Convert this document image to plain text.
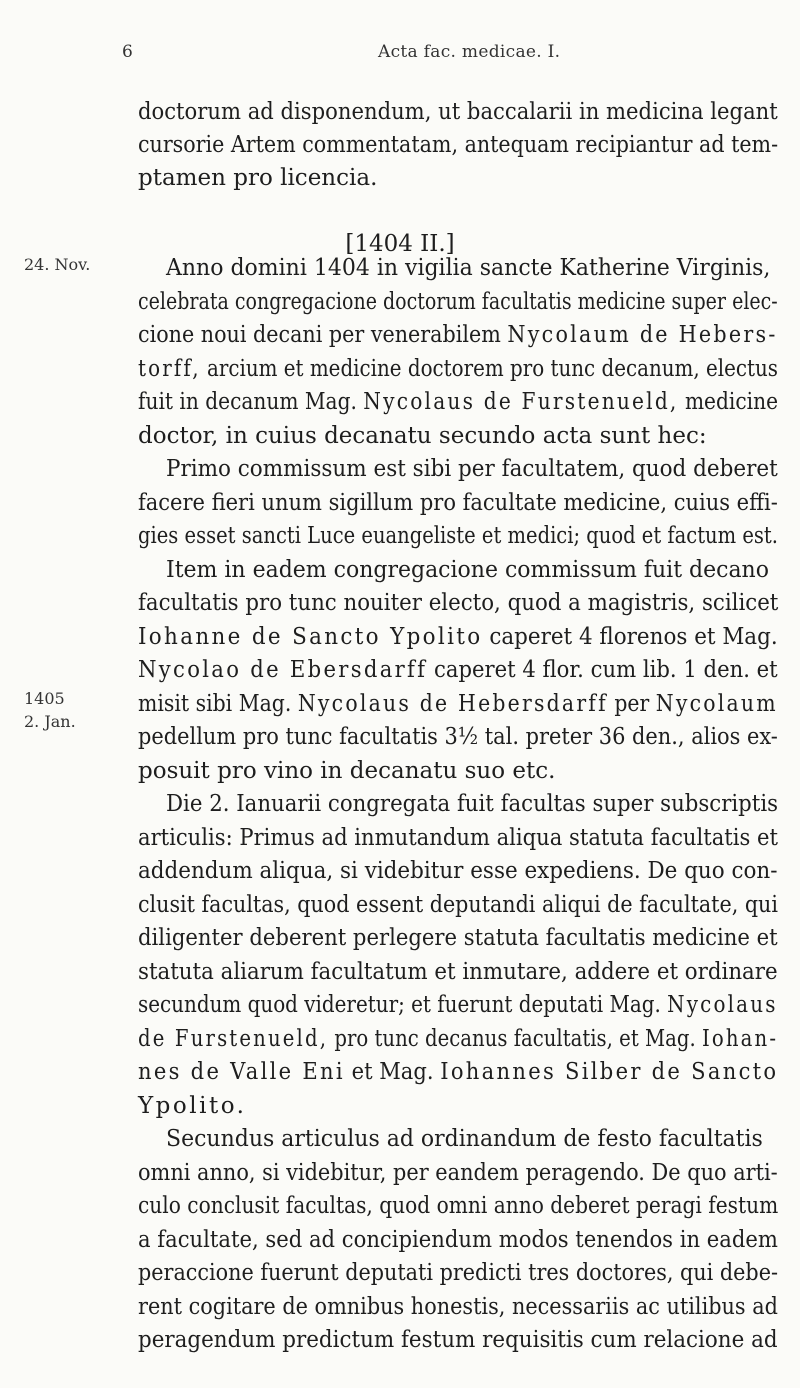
6	Acta fac. medicae. I.
24. Nov.
1405
2. Jan.
doctorum ad disponendum, ut baccalarii in medicina legant
cursorie Artem commentatam, antequam recipiantur ad tem-
ptamen pro licencia.
[1404 II.]
Anno domini 1404 in vigilia sancte Katherine Virginis,
celebrata congregacione doctorum facultatis medicine super elec-
cione noui decani per venerabilem Nycolaum de Hebers-
torff, arcium et medicine doctorem pro tunc decanum, electus
fuit in decanum Mag. Nycolaus de Furstenueld, medicine
doctor, in cuius decanatu secundo acta sunt hec:
Primo commissum est sibi per facultatem, quod deberet
facere fieri unum sigillum pro facultate medicine, cuius effi-
gies esset sancti Luce euangeliste et medici; quod et factum est.
Item in eadem congregacione commissum fuit decano
facultatis pro tunc nouiter electo, quod a magistris, scilicet
Iohanne de Sancto Ypolito caperet 4 florenos et Mag.
Nycolao de Ebersdarff caperet 4 flor. cum lib. 1 den. et
misit sibi Mag. Nycolaus de Hebersdarff per Nycolaum
pedellum pro tunc facultatis 3½ tal. preter 36 den., alios ex-
posuit pro vino in decanatu suo etc.
Die 2. Ianuarii congregata fuit facultas super subscriptis
articulis: Primus ad inmutandum aliqua statuta facultatis et
addendum aliqua, si videbitur esse expediens. De quo con-
clusit facultas, quod essent deputandi aliqui de facultate, qui
diligenter deberent perlegere statuta facultatis medicine et
statuta aliarum facultatum et inmutare, addere et ordinare
secundum quod videretur; et fuerunt deputati Mag. Nycolaus
de Furstenueld, pro tunc decanus facultatis, et Mag. Iohan-
nes de Valle Eni et Mag. Iohannes Silber de Sancto
Ypolito.
Secundus articulus ad ordinandum de festo facultatis
omni anno, si videbitur, per eandem peragendo. De quo arti-
culo conclusit facultas, quod omni anno deberet peragi festum
a facultate, sed ad concipiendum modos tenendos in eadem
peraccione fuerunt deputati predicti tres doctores, qui debe-
rent cogitare de omnibus honestis, necessariis ac utilibus ad
peragendum predictum festum requisitis cum relacione ad
